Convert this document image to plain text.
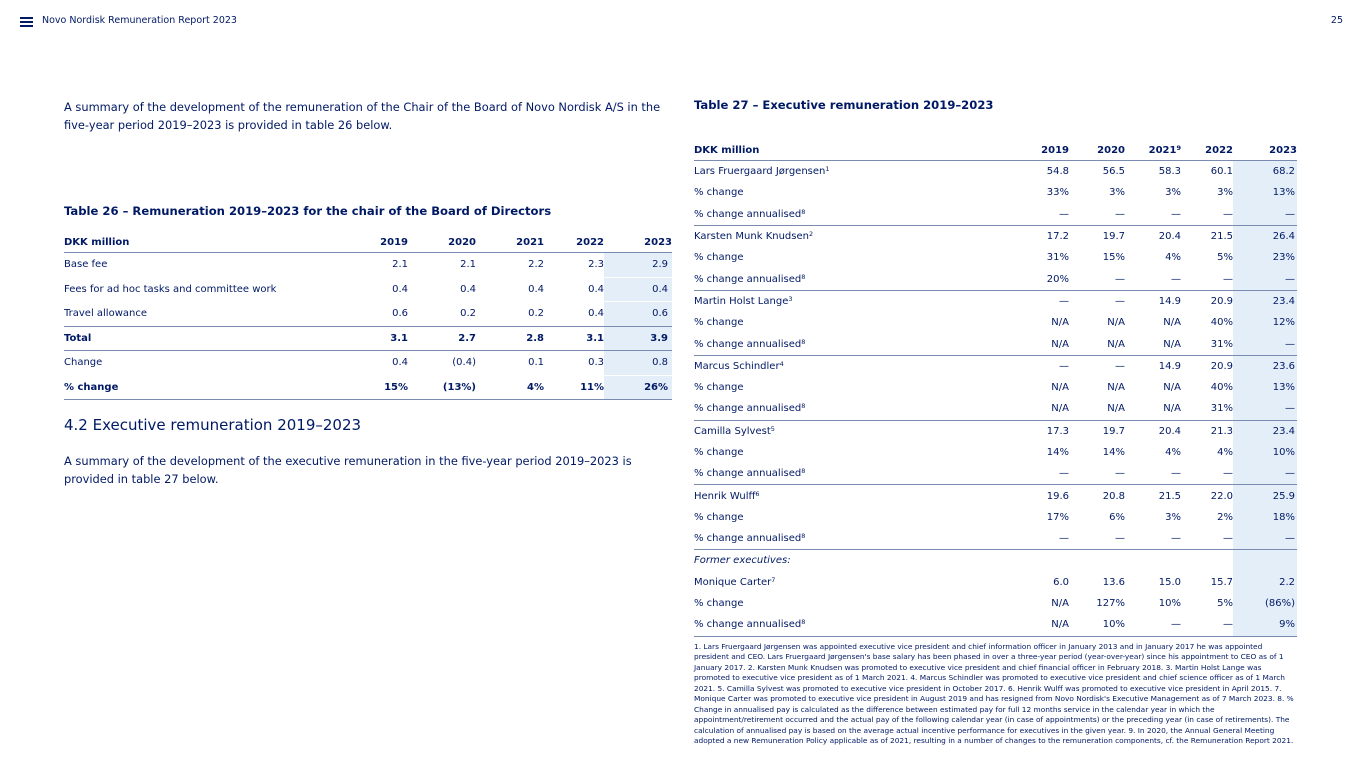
Novo Nordisk Remuneration Report 2023	25

A summary of the development of the remuneration of the Chair of the Board of Novo Nordisk A/S in the five-year period 2019–2023 is provided in table 26 below.

Table 26 – Remuneration 2019–2023 for the chair of the Board of Directors
DKK million	2019	2020	2021	2022	2023
Base fee	2.1	2.1	2.2	2.3	2.9
Fees for ad hoc tasks and committee work	0.4	0.4	0.4	0.4	0.4
Travel allowance	0.6	0.2	0.2	0.4	0.6
Total	3.1	2.7	2.8	3.1	3.9
Change	0.4	(0.4)	0.1	0.3	0.8
% change	15%	(13%)	4%	11%	26%
4.2 Executive remuneration 2019–2023

A summary of the development of the executive remuneration in the five-year period 2019–2023 is provided in table 27 below.

Table 27 – Executive remuneration 2019–2023
DKK million	2019	2020	2021$^9$	2022	2023
Lars Fruergaard Jørgensen$^1$	54.8	56.5	58.3	60.1	68.2
% change	33%	3%	3%	3%	13%
% change annualised$^8$	—	—	—	—	—
Karsten Munk Knudsen$^2$	17.2	19.7	20.4	21.5	26.4
% change	31%	15%	4%	5%	23%
% change annualised$^8$	20%	—	—	—	—
Martin Holst Lange$^3$	—	—	14.9	20.9	23.4
% change	N/A	N/A	N/A	40%	12%
% change annualised$^8$	N/A	N/A	N/A	31%	—
Marcus Schindler$^4$	—	—	14.9	20.9	23.6
% change	N/A	N/A	N/A	40%	13%
% change annualised$^8$	N/A	N/A	N/A	31%	—
Camilla Sylvest$^5$	17.3	19.7	20.4	21.3	23.4
% change	14%	14%	4%	4%	10%
% change annualised$^8$	—	—	—	—	—
Henrik Wulff$^6$	19.6	20.8	21.5	22.0	25.9
% change	17%	6%	3%	2%	18%
% change annualised$^8$	—	—	—	—	—
Former executives:					
Monique Carter$^7$	6.0	13.6	15.0	15.7	2.2
% change	N/A	127%	10%	5%	(86%)
% change annualised$^8$	N/A	10%	—	—	9%
1. Lars Fruergaard Jørgensen was appointed executive vice president and chief information officer in January 2013 and in January 2017 he was appointed president and CEO. Lars Fruergaard Jørgensen's base salary has been phased in over a three-year period (year-over-year) since his appointment to CEO as of 1 January 2017. 2. Karsten Munk Knudsen was promoted to executive vice president and chief financial officer in February 2018. 3. Martin Holst Lange was promoted to executive vice president as of 1 March 2021. 4. Marcus Schindler was promoted to executive vice president and chief science officer as of 1 March 2021. 5. Camilla Sylvest was promoted to executive vice president in October 2017. 6. Henrik Wulff was promoted to executive vice president in April 2015. 7. Monique Carter was promoted to executive vice president in August 2019 and has resigned from Novo Nordisk's Executive Management as of 7 March 2023. 8. % Change in annualised pay is calculated as the difference between estimated pay for full 12 months service in the calendar year in which the appointment/retirement occurred and the actual pay of the following calendar year (in case of appointments) or the preceding year (in case of retirements). The calculation of annualised pay is based on the average actual incentive performance for executives in the given year. 9. In 2020, the Annual General Meeting adopted a new Remuneration Policy applicable as of 2021, resulting in a number of changes to the remuneration components, cf. the Remuneration Report 2021.
